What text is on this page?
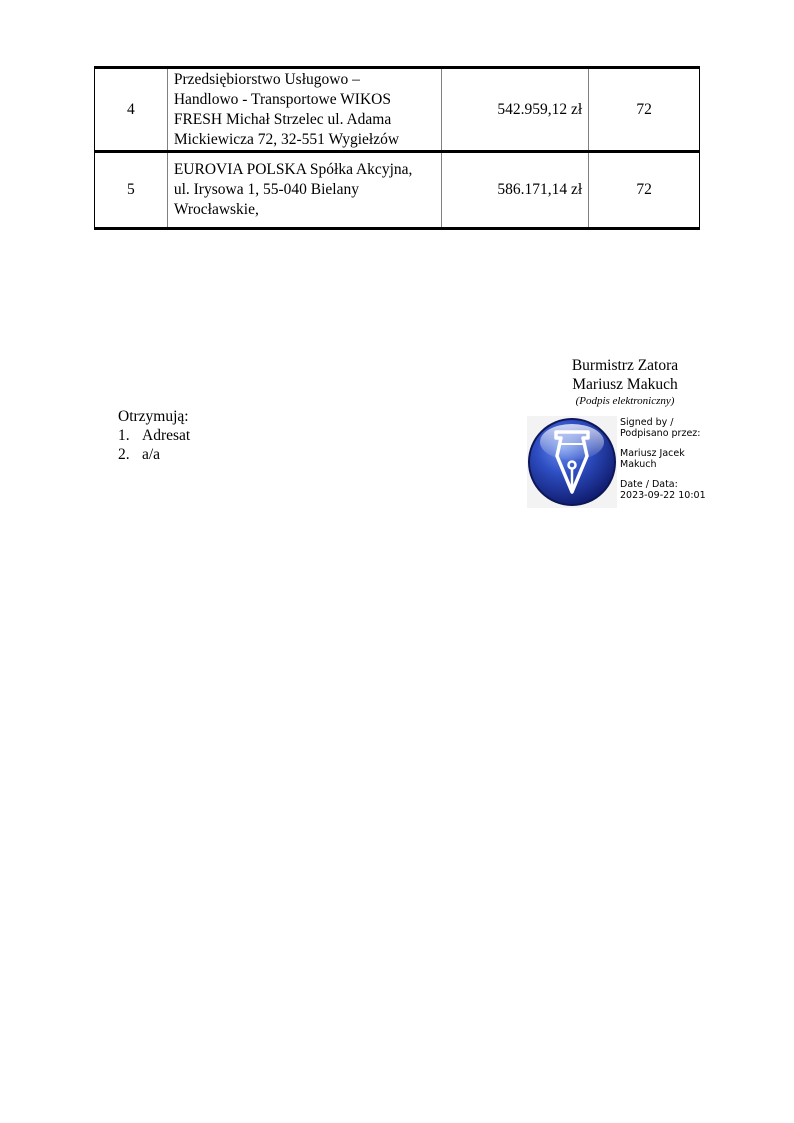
4	Przedsiębiorstwo Usługowo –
Handlowo - Transportowe WIKOS
FRESH Michał Strzelec ul. Adama
Mickiewicza 72, 32-551 Wygiełzów	542.959,12 zł	72
5	EUROVIA POLSKA Spółka Akcyjna,
ul. Irysowa 1, 55-040 Bielany
Wrocławskie,	586.171,14 zł	72
Burmistrz Zatora
Mariusz Makuch
(Podpis elektroniczny)
Signed by /
Podpisano przez:
Mariusz Jacek
Makuch
Date / Data:
2023-09-22 10:01
Otrzymują:
1. Adresat
2. a/a
